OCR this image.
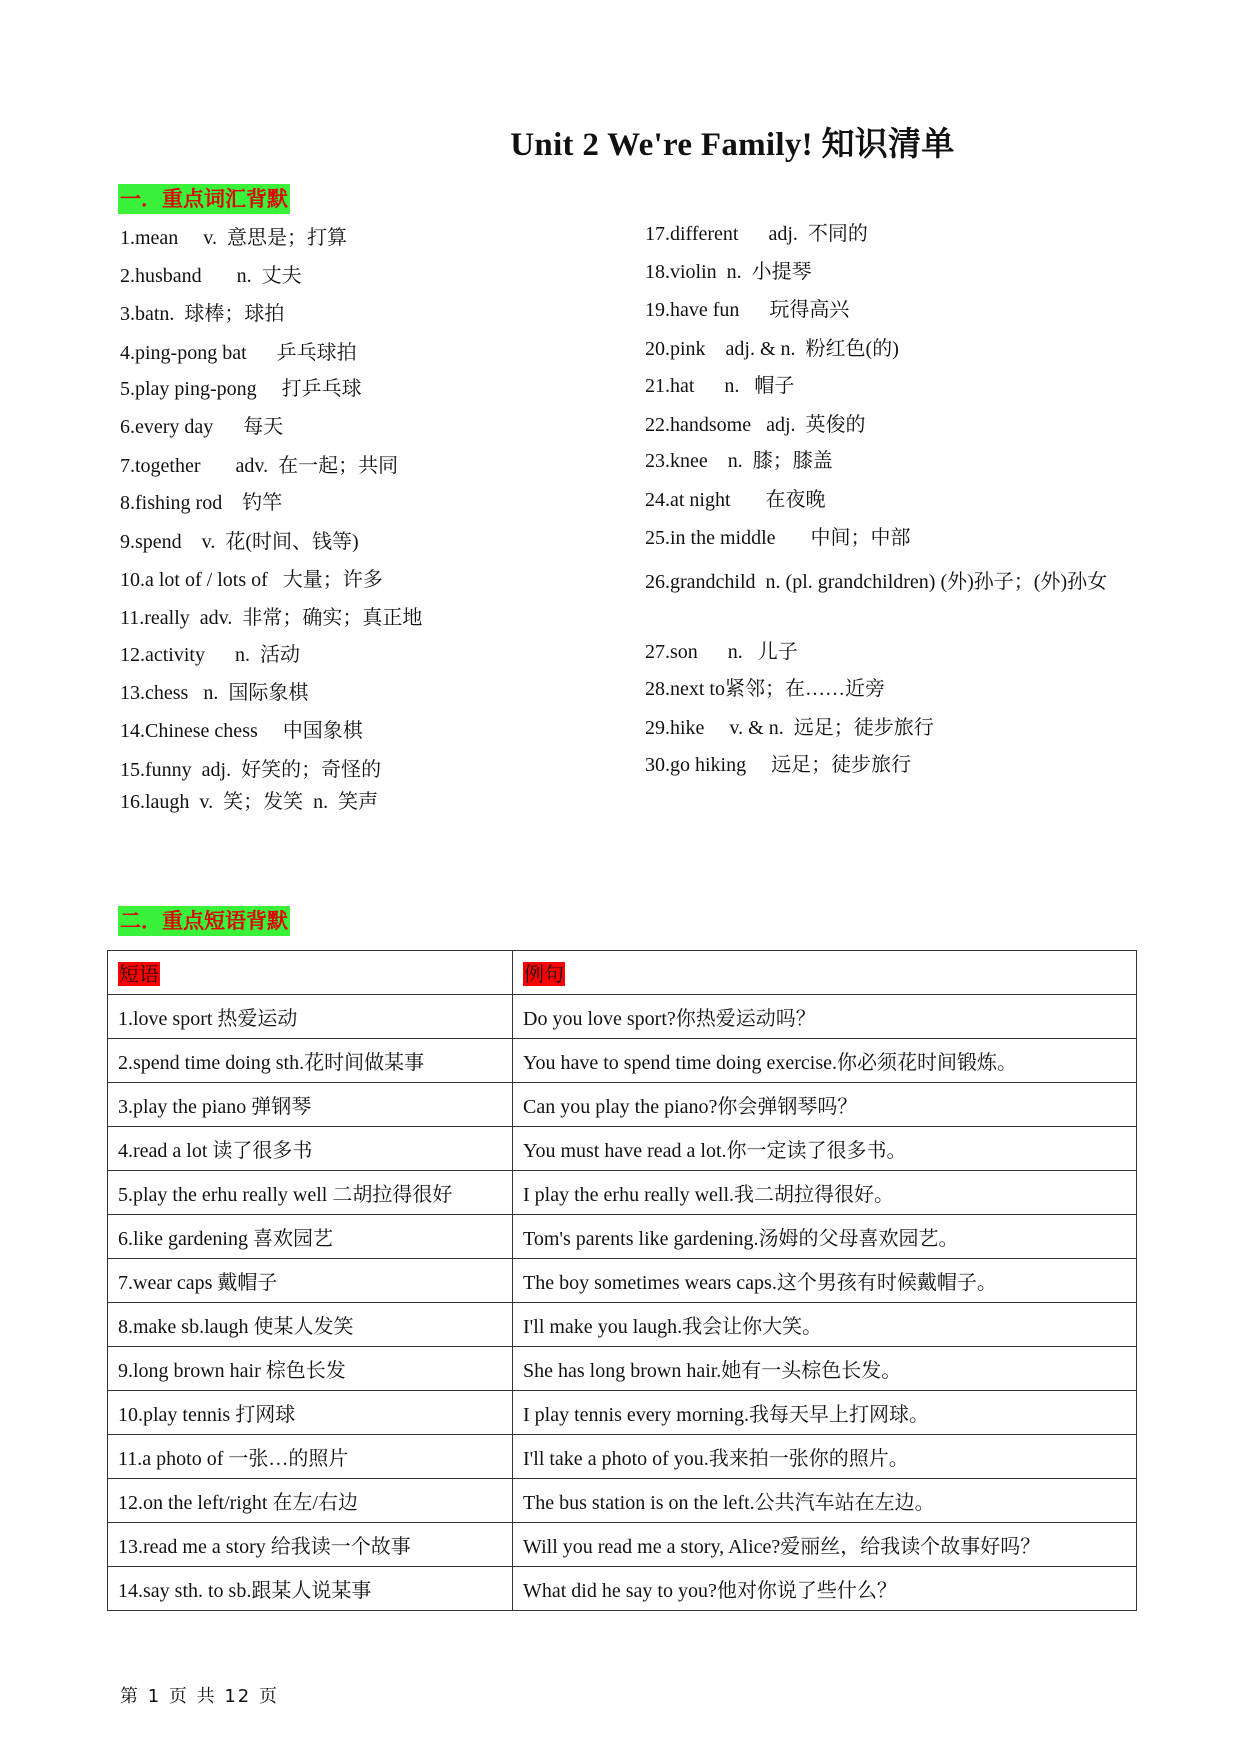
Unit 2 We're Family! 知识清单
一．重点词汇背默
1.mean     v.  意思是；打算
2.husband       n.  丈夫
3.batn.  球棒；球拍
4.ping-pong bat      乒乓球拍
5.play ping-pong     打乒乓球
6.every day      每天
7.together       adv.  在一起；共同
8.fishing rod    钓竿
9.spend    v.  花(时间、钱等)
10.a lot of / lots of   大量；许多
11.really  adv.  非常；确实；真正地
12.activity      n.  活动
13.chess   n.  国际象棋
14.Chinese chess     中国象棋
15.funny  adj.  好笑的；奇怪的
16.laugh  v.  笑；发笑  n.  笑声
17.different      adj.  不同的
18.violin  n.  小提琴
19.have fun      玩得高兴
20.pink    adj. & n.  粉红色(的)
21.hat      n.   帽子
22.handsome   adj.  英俊的
23.knee    n.  膝；膝盖
24.at night       在夜晚
25.in the middle       中间；中部
26.grandchild  n. (pl. grandchildren) (外)孙子；(外)孙女
27.son      n.   儿子
28.next to紧邻；在……近旁
29.hike     v. & n.  远足；徒步旅行
30.go hiking     远足；徒步旅行
二．重点短语背默
短语	例句
1.love sport 热爱运动	Do you love sport?你热爱运动吗？
2.spend time doing sth.花时间做某事	You have to spend time doing exercise.你必须花时间锻炼。
3.play the piano 弹钢琴	Can you play the piano?你会弹钢琴吗？
4.read a lot 读了很多书	You must have read a lot.你一定读了很多书。
5.play the erhu really well 二胡拉得很好	I play the erhu really well.我二胡拉得很好。
6.like gardening 喜欢园艺	Tom's parents like gardening.汤姆的父母喜欢园艺。
7.wear caps 戴帽子	The boy sometimes wears caps.这个男孩有时候戴帽子。
8.make sb.laugh 使某人发笑	I'll make you laugh.我会让你大笑。
9.long brown hair 棕色长发	She has long brown hair.她有一头棕色长发。
10.play tennis 打网球	I play tennis every morning.我每天早上打网球。
11.a photo of 一张…的照片	I'll take a photo of you.我来拍一张你的照片。
12.on the left/right 在左/右边	The bus station is on the left.公共汽车站在左边。
13.read me a story 给我读一个故事	Will you read me a story, Alice?爱丽丝，给我读个故事好吗？
14.say sth. to sb.跟某人说某事	What did he say to you?他对你说了些什么？
第 1 页 共 12 页
